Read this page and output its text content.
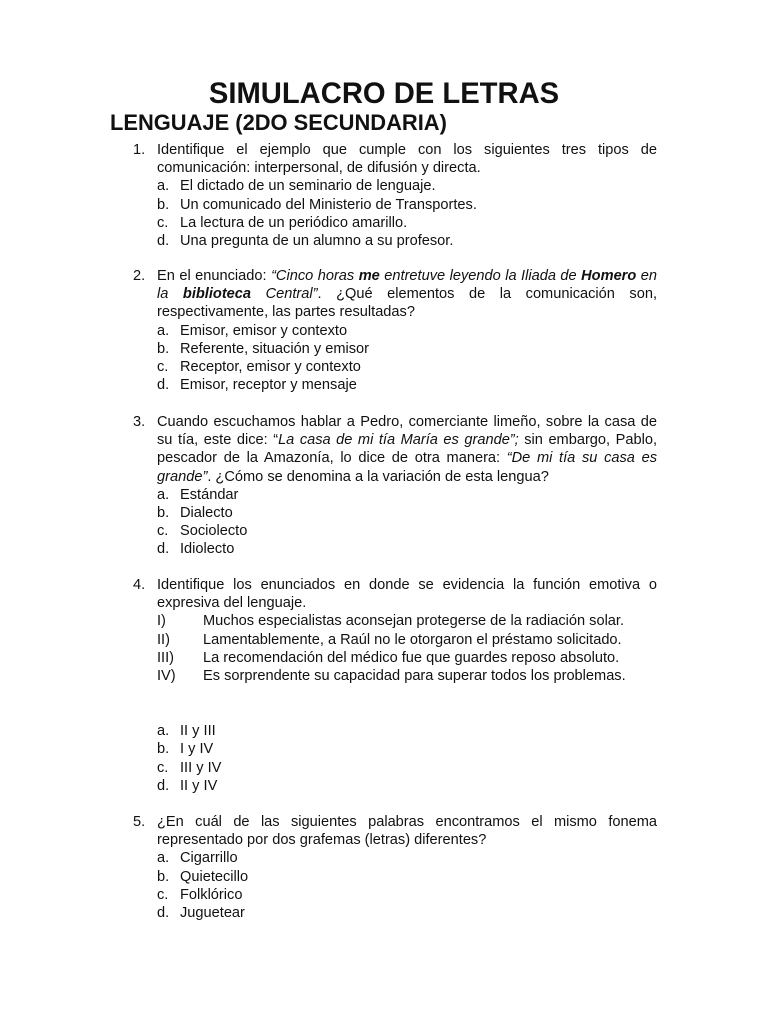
SIMULACRO DE LETRAS
LENGUAJE (2DO SECUNDARIA)
1. Identifique el ejemplo que cumple con los siguientes tres tipos de comunicación: interpersonal, de difusión y directa.
a. El dictado de un seminario de lenguaje.
b. Un comunicado del Ministerio de Transportes.
c. La lectura de un periódico amarillo.
d. Una pregunta de un alumno a su profesor.
2. En el enunciado: “Cinco horas me entretuve leyendo la Iliada de Homero en la biblioteca Central”. ¿Qué elementos de la comunicación son, respectivamente, las partes resultadas?
a. Emisor, emisor y contexto
b. Referente, situación y emisor
c. Receptor, emisor y contexto
d. Emisor, receptor y mensaje
3. Cuando escuchamos hablar a Pedro, comerciante limeño, sobre la casa de su tía, este dice: “La casa de mi tía María es grande”; sin embargo, Pablo, pescador de la Amazonía, lo dice de otra manera: “De mi tía su casa es grande”. ¿Cómo se denomina a la variación de esta lengua?
a. Estándar
b. Dialecto
c. Sociolecto
d. Idiolecto
4. Identifique los enunciados en donde se evidencia la función emotiva o expresiva del lenguaje.
I)	Muchos especialistas aconsejan protegerse de la radiación solar.
II) Lamentablemente, a Raúl no le otorgaron el préstamo solicitado.
III) La recomendación del médico fue que guardes reposo absoluto.
IV) Es sorprendente su capacidad para superar todos los problemas.
a. II y III
b. I y IV
c. III y IV
d. II y IV
5. ¿En cuál de las siguientes palabras encontramos el mismo fonema representado por dos grafemas (letras) diferentes?
a. Cigarrillo
b. Quietecillo
c. Folklórico
d. Juguetear
